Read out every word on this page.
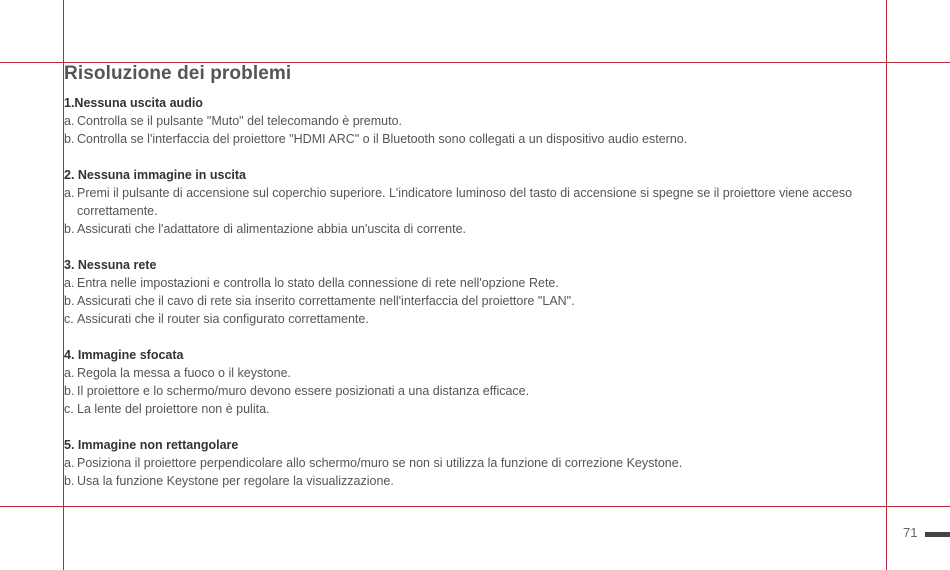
Risoluzione dei problemi
1.Nessuna uscita audio
a. Controlla se il pulsante "Muto" del telecomando è premuto.
b. Controlla se l'interfaccia del proiettore "HDMI ARC" o il Bluetooth sono collegati a un dispositivo audio esterno.
2. Nessuna immagine in uscita
a. Premi il pulsante di accensione sul coperchio superiore. L'indicatore luminoso del tasto di accensione si spegne se il proiettore viene acceso correttamente.
b. Assicurati che l'adattatore di alimentazione abbia un'uscita di corrente.
3. Nessuna rete
a. Entra nelle impostazioni e controlla lo stato della connessione di rete nell'opzione Rete.
b. Assicurati che il cavo di rete sia inserito correttamente nell'interfaccia del proiettore "LAN".
c. Assicurati che il router sia configurato correttamente.
4. Immagine sfocata
a. Regola la messa a fuoco o il keystone.
b. Il proiettore e lo schermo/muro devono essere posizionati a una distanza efficace.
c. La lente del proiettore non è pulita.
5. Immagine non rettangolare
a. Posiziona il proiettore perpendicolare allo schermo/muro se non si utilizza la funzione di correzione Keystone.
b. Usa la funzione Keystone per regolare la visualizzazione.
71
